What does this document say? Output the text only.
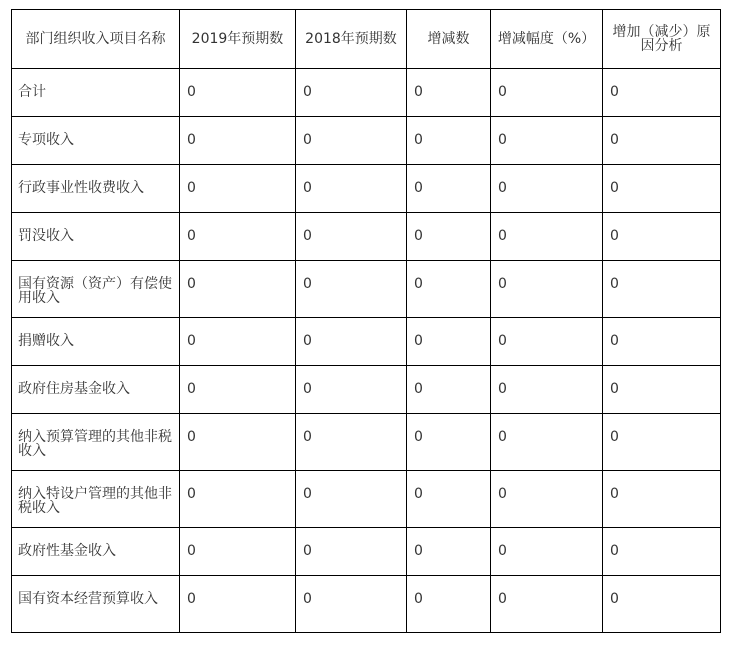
部门组织收入项目名称	2019年预期数	2018年预期数	增减数	增减幅度（%）	增加（减少）原因分析
合计	0	0	0	0	0
专项收入	0	0	0	0	0
行政事业性收费收入	0	0	0	0	0
罚没收入	0	0	0	0	0
国有资源（资产）有偿使用收入	0	0	0	0	0
捐赠收入	0	0	0	0	0
政府住房基金收入	0	0	0	0	0
纳入预算管理的其他非税收入	0	0	0	0	0
纳入特设户管理的其他非税收入	0	0	0	0	0
政府性基金收入	0	0	0	0	0
国有资本经营预算收入	0	0	0	0	0
